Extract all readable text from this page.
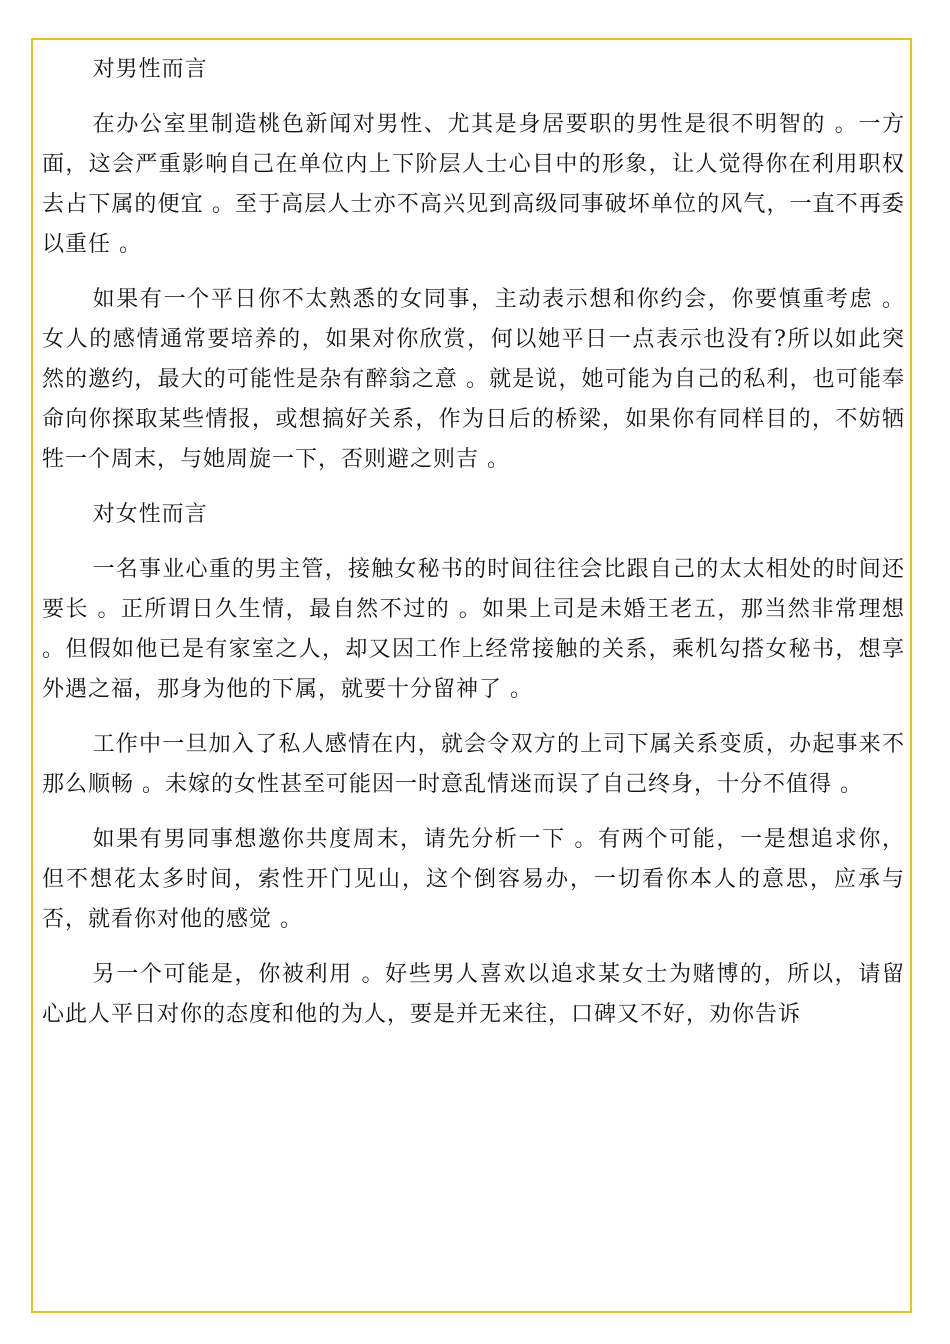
对男性而言

在办公室里制造桃色新闻对男性、尤其是身居要职的男性是很不明智的 。一方面，这会严重影响自己在单位内上下阶层人士心目中的形象，让人觉得你在利用职权去占下属的便宜 。至于高层人士亦不高兴见到高级同事破坏单位的风气，一直不再委以重任 。

如果有一个平日你不太熟悉的女同事，主动表示想和你约会，你要慎重考虑 。女人的感情通常要培养的，如果对你欣赏，何以她平日一点表示也没有?所以如此突然的邀约，最大的可能性是杂有醉翁之意 。就是说，她可能为自己的私利，也可能奉命向你探取某些情报，或想搞好关系，作为日后的桥梁，如果你有同样目的，不妨牺牲一个周末，与她周旋一下，否则避之则吉 。

对女性而言

一名事业心重的男主管，接触女秘书的时间往往会比跟自己的太太相处的时间还要长 。正所谓日久生情，最自然不过的 。如果上司是未婚王老五，那当然非常理想 。但假如他已是有家室之人，却又因工作上经常接触的关系，乘机勾搭女秘书，想享外遇之福，那身为他的下属，就要十分留神了 。

工作中一旦加入了私人感情在内，就会令双方的上司下属关系变质，办起事来不那么顺畅 。未嫁的女性甚至可能因一时意乱情迷而误了自己终身，十分不值得 。

如果有男同事想邀你共度周末，请先分析一下 。有两个可能，一是想追求你，但不想花太多时间，索性开门见山，这个倒容易办，一切看你本人的意思，应承与否，就看你对他的感觉 。

另一个可能是，你被利用 。好些男人喜欢以追求某女士为赌博的，所以，请留心此人平日对你的态度和他的为人，要是并无来往，口碑又不好，劝你告诉
